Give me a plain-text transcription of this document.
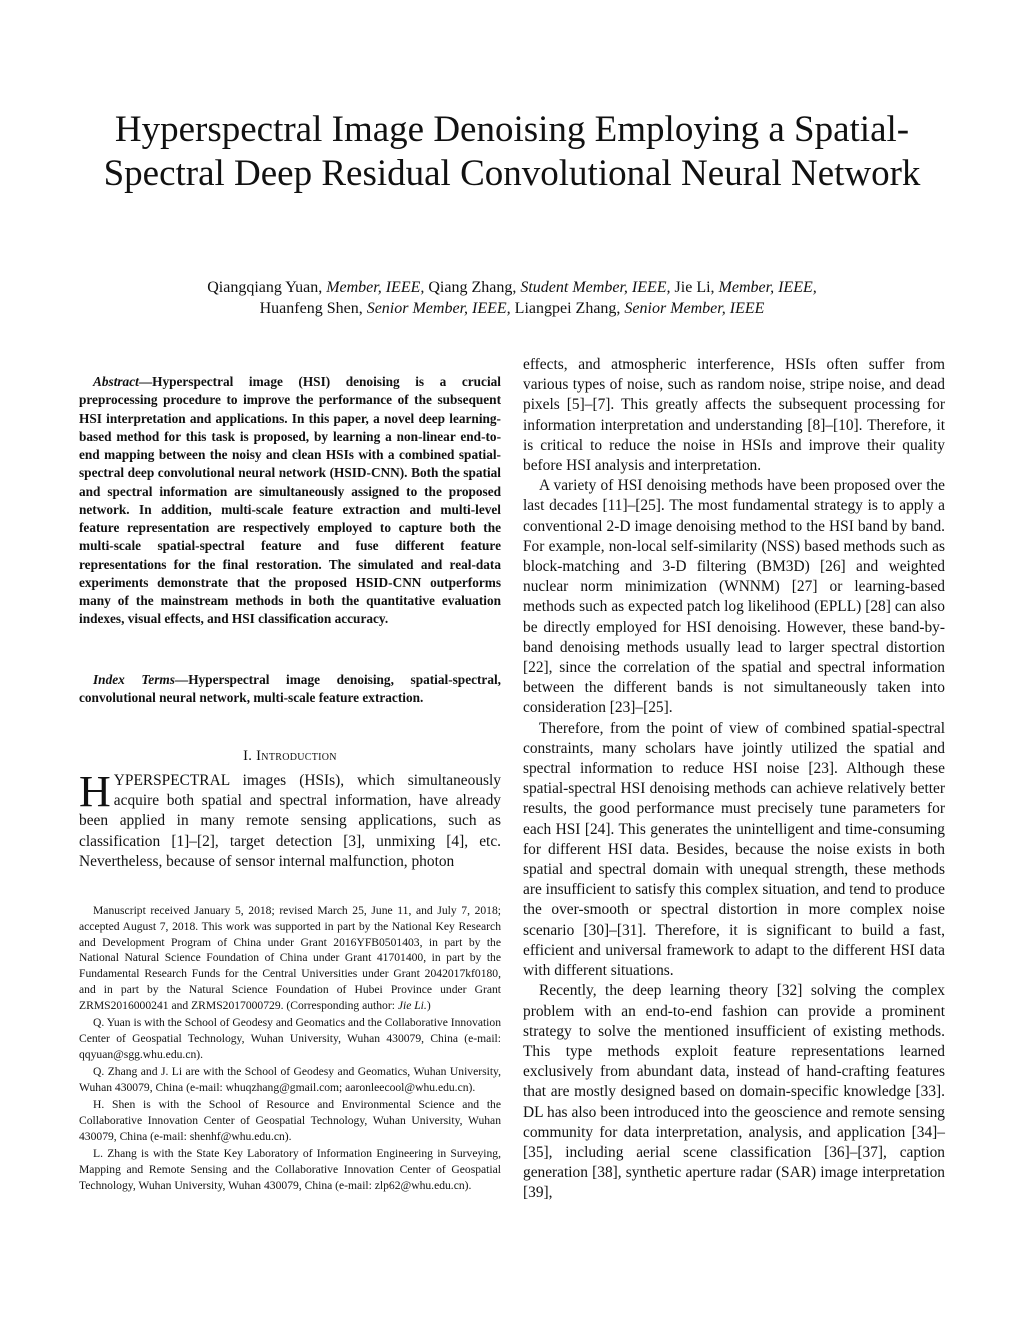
Hyperspectral Image Denoising Employing a Spatial-Spectral Deep Residual Convolutional Neural Network

Qiangqiang Yuan, Member, IEEE, Qiang Zhang, Student Member, IEEE, Jie Li, Member, IEEE,
Huanfeng Shen, Senior Member, IEEE, Liangpei Zhang, Senior Member, IEEE

Abstract—Hyperspectral image (HSI) denoising is a crucial preprocessing procedure to improve the performance of the subsequent HSI interpretation and applications. In this paper, a novel deep learning-based method for this task is proposed, by learning a non-linear end-to-end mapping between the noisy and clean HSIs with a combined spatial-spectral deep convolutional neural network (HSID-CNN). Both the spatial and spectral information are simultaneously assigned to the proposed network. In addition, multi-scale feature extraction and multi-level feature representation are respectively employed to capture both the multi-scale spatial-spectral feature and fuse different feature representations for the final restoration. The simulated and real-data experiments demonstrate that the proposed HSID-CNN outperforms many of the mainstream methods in both the quantitative evaluation indexes, visual effects, and HSI classification accuracy.

Index Terms—Hyperspectral image denoising, spatial-spectral, convolutional neural network, multi-scale feature extraction.

I. Introduction

HYPERSPECTRAL images (HSIs), which simultaneously acquire both spatial and spectral information, have already been applied in many remote sensing applications, such as classification [1]–[2], target detection [3], unmixing [4], etc. Nevertheless, because of sensor internal malfunction, photon

Manuscript received January 5, 2018; revised March 25, June 11, and July 7, 2018; accepted August 7, 2018. This work was supported in part by the National Key Research and Development Program of China under Grant 2016YFB0501403, in part by the National Natural Science Foundation of China under Grant 41701400, in part by the Fundamental Research Funds for the Central Universities under Grant 2042017kf0180, and in part by the Natural Science Foundation of Hubei Province under Grant ZRMS2016000241 and ZRMS2017000729. (Corresponding author: Jie Li.)

Q. Yuan is with the School of Geodesy and Geomatics and the Collaborative Innovation Center of Geospatial Technology, Wuhan University, Wuhan 430079, China (e-mail: qqyuan@sgg.whu.edu.cn).

Q. Zhang and J. Li are with the School of Geodesy and Geomatics, Wuhan University, Wuhan 430079, China (e-mail: whuqzhang@gmail.com; aaronleecool@whu.edu.cn).

H. Shen is with the School of Resource and Environmental Science and the Collaborative Innovation Center of Geospatial Technology, Wuhan University, Wuhan 430079, China (e-mail: shenhf@whu.edu.cn).

L. Zhang is with the State Key Laboratory of Information Engineering in Surveying, Mapping and Remote Sensing and the Collaborative Innovation Center of Geospatial Technology, Wuhan University, Wuhan 430079, China (e-mail: zlp62@whu.edu.cn).

effects, and atmospheric interference, HSIs often suffer from various types of noise, such as random noise, stripe noise, and dead pixels [5]–[7]. This greatly affects the subsequent processing for information interpretation and understanding [8]–[10]. Therefore, it is critical to reduce the noise in HSIs and improve their quality before HSI analysis and interpretation.

A variety of HSI denoising methods have been proposed over the last decades [11]–[25]. The most fundamental strategy is to apply a conventional 2-D image denoising method to the HSI band by band. For example, non-local self-similarity (NSS) based methods such as block-matching and 3-D filtering (BM3D) [26] and weighted nuclear norm minimization (WNNM) [27] or learning-based methods such as expected patch log likelihood (EPLL) [28] can also be directly employed for HSI denoising. However, these band-by-band denoising methods usually lead to larger spectral distortion [22], since the correlation of the spatial and spectral information between the different bands is not simultaneously taken into consideration [23]–[25].

Therefore, from the point of view of combined spatial-spectral constraints, many scholars have jointly utilized the spatial and spectral information to reduce HSI noise [23]. Although these spatial-spectral HSI denoising methods can achieve relatively better results, the good performance must precisely tune parameters for each HSI [24]. This generates the unintelligent and time-consuming for different HSI data. Besides, because the noise exists in both spatial and spectral domain with unequal strength, these methods are insufficient to satisfy this complex situation, and tend to produce the over-smooth or spectral distortion in more complex noise scenario [30]–[31]. Therefore, it is significant to build a fast, efficient and universal framework to adapt to the different HSI data with different situations.

Recently, the deep learning theory [32] solving the complex problem with an end-to-end fashion can provide a prominent strategy to solve the mentioned insufficient of existing methods. This type methods exploit feature representations learned exclusively from abundant data, instead of hand-crafting features that are mostly designed based on domain-specific knowledge [33]. DL has also been introduced into the geoscience and remote sensing community for data interpretation, analysis, and application [34]–[35], including aerial scene classification [36]–[37], caption generation [38], synthetic aperture radar (SAR) image interpretation [39],
